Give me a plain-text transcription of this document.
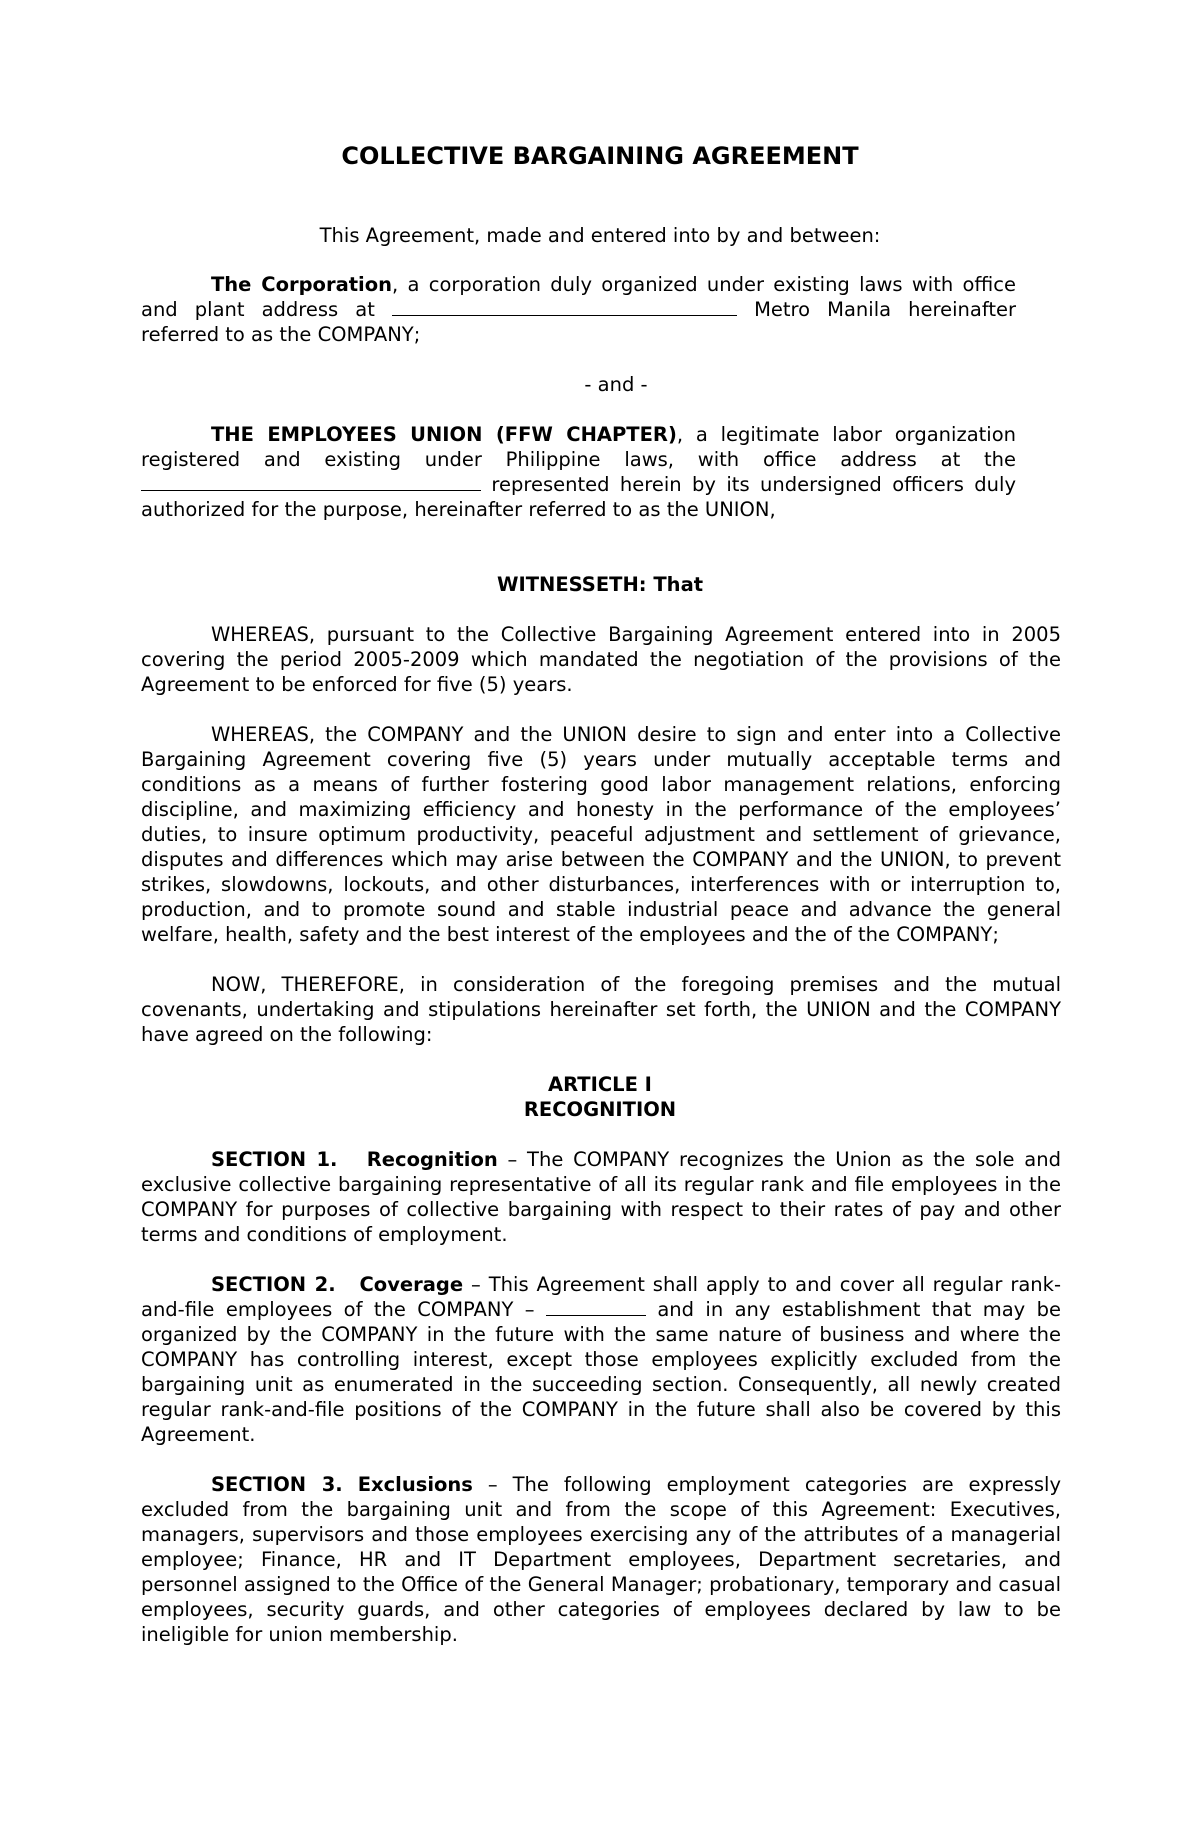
COLLECTIVE BARGAINING AGREEMENT
This Agreement, made and entered into by and between:
The Corporation, a corporation duly organized under existing laws with office and plant address at	Metro Manila hereinafter referred to as the COMPANY;
- and -
THE EMPLOYEES UNION (FFW CHAPTER), a legitimate labor organization registered and existing under Philippine laws, with office address at the  represented herein by its undersigned officers duly authorized for the purpose, hereinafter referred to as the UNION,
WITNESSETH: That
WHEREAS, pursuant to the Collective Bargaining Agreement entered into in 2005 covering the period 2005-2009 which mandated the negotiation of the provisions of the Agreement to be enforced for five (5) years.
WHEREAS, the COMPANY and the UNION desire to sign and enter into a Collective Bargaining Agreement covering five (5) years under mutually acceptable terms and conditions as a means of further fostering good labor management relations, enforcing discipline, and maximizing efficiency and honesty in the performance of the employees’ duties, to insure optimum productivity, peaceful adjustment and settlement of grievance, disputes and differences which may arise between the COMPANY and the UNION, to prevent strikes, slowdowns, lockouts, and other disturbances, interferences with or interruption to, production, and to promote sound and stable industrial peace and advance the general welfare, health, safety and the best interest of the employees and the of the COMPANY;
NOW, THEREFORE, in consideration of the foregoing premises and the mutual covenants, undertaking and stipulations hereinafter set forth, the UNION and the COMPANY have agreed on the following:
ARTICLE I
RECOGNITION
SECTION 1. Recognition – The COMPANY recognizes the Union as the sole and exclusive collective bargaining representative of all its regular rank and file employees in the COMPANY for purposes of collective bargaining with respect to their rates of pay and other terms and conditions of employment.
SECTION 2. Coverage – This Agreement shall apply to and cover all regular rank-and-file employees of the COMPANY –	and in any establishment that may be organized by the COMPANY in the future with the same nature of business and where the COMPANY has controlling interest, except those employees explicitly excluded from the bargaining unit as enumerated in the succeeding section. Consequently, all newly created regular rank-and-file positions of the COMPANY in the future shall also be covered by this Agreement.
SECTION 3. Exclusions – The following employment categories are expressly excluded from the bargaining unit and from the scope of this Agreement: Executives, managers, supervisors and those employees exercising any of the attributes of a managerial employee; Finance, HR and IT Department employees, Department secretaries, and personnel assigned to the Office of the General Manager; probationary, temporary and casual employees, security guards, and other categories of employees declared by law to be ineligible for union membership.
